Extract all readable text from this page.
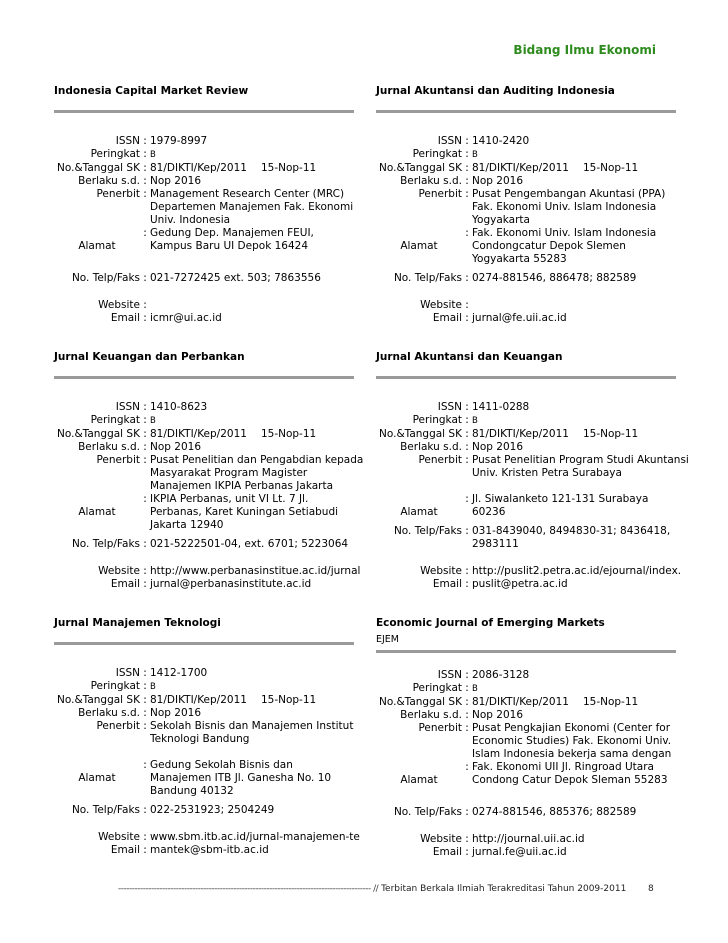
Bidang Ilmu Ekonomi
Indonesia Capital Market Review
ISSN : 1979-8997
Peringkat : B
No.&Tanggal SK : 81/DIKTI/Kep/2011 15-Nop-11
Berlaku s.d. : Nop 2016
Penerbit : Management Research Center (MRC)
Departemen Manajemen Fak. Ekonomi
Univ. Indonesia
: Gedung Dep. Manajemen FEUI,
Alamat	Kampus Baru UI Depok 16424

No. Telp/Faks : 021-7272425 ext. 503; 7863556
Website :
Email : icmr@ui.ac.id
Jurnal Akuntansi dan Auditing Indonesia
ISSN : 1410-2420
Peringkat : B
No.&Tanggal SK : 81/DIKTI/Kep/2011 15-Nop-11
Berlaku s.d. : Nop 2016
Penerbit : Pusat Pengembangan Akuntasi (PPA)
Fak. Ekonomi Univ. Islam Indonesia
Yogyakarta
: Fak. Ekonomi Univ. Islam Indonesia
Alamat	Condongcatur Depok Slemen
Yogyakarta 55283
No. Telp/Faks : 0274-881546, 886478; 882589
Website :
Email : jurnal@fe.uii.ac.id
Jurnal Keuangan dan Perbankan
ISSN : 1410-8623
Peringkat : B
No.&Tanggal SK : 81/DIKTI/Kep/2011 15-Nop-11
Berlaku s.d. : Nop 2016
Penerbit : Pusat Penelitian dan Pengabdian kepada
Masyarakat Program Magister
Manajemen IKPIA Perbanas Jakarta
: IKPIA Perbanas, unit VI Lt. 7 Jl.
Alamat	Perbanas, Karet Kuningan Setiabudi
Jakarta 12940
No. Telp/Faks : 021-5222501-04, ext. 6701; 5223064
Website : http://www.perbanasinstitue.ac.id/jurnal
Email : jurnal@perbanasinstitute.ac.id
Jurnal Akuntansi dan Keuangan
ISSN : 1411-0288
Peringkat : B
No.&Tanggal SK : 81/DIKTI/Kep/2011 15-Nop-11
Berlaku s.d. : Nop 2016
Penerbit : Pusat Penelitian Program Studi Akuntansi
Univ. Kristen Petra Surabaya

: Jl. Siwalanketo 121-131 Surabaya
Alamat	60236
No. Telp/Faks : 031-8439040, 8494830-31; 8436418,
2983111
Website : http://puslit2.petra.ac.id/ejournal/index.
Email : puslit@petra.ac.id
Jurnal Manajemen Teknologi
ISSN : 1412-1700
Peringkat : B
No.&Tanggal SK : 81/DIKTI/Kep/2011 15-Nop-11
Berlaku s.d. : Nop 2016
Penerbit : Sekolah Bisnis dan Manajemen Institut
Teknologi Bandung

: Gedung Sekolah Bisnis dan
Alamat	Manajemen ITB Jl. Ganesha No. 10
Bandung 40132
No. Telp/Faks : 022-2531923; 2504249
Website : www.sbm.itb.ac.id/jurnal-manajemen-te
Email : mantek@sbm-itb.ac.id
Economic Journal of Emerging Markets
EJEM
ISSN : 2086-3128
Peringkat : B
No.&Tanggal SK : 81/DIKTI/Kep/2011 15-Nop-11
Berlaku s.d. : Nop 2016
Penerbit : Pusat Pengkajian Ekonomi (Center for
Economic Studies) Fak. Ekonomi Univ.
Islam Indonesia bekerja sama dengan
: Fak. Ekonomi UII Jl. Ringroad Utara
Alamat	Condong Catur Depok Sleman 55283

No. Telp/Faks : 0274-881546, 885376; 882589
Website : http://journal.uii.ac.id
Email : jurnal.fe@uii.ac.id
-------------------------------------------------------------------------------------------- // Terbitan Berkala Ilmiah Terakreditasi Tahun 2009-2011 8
